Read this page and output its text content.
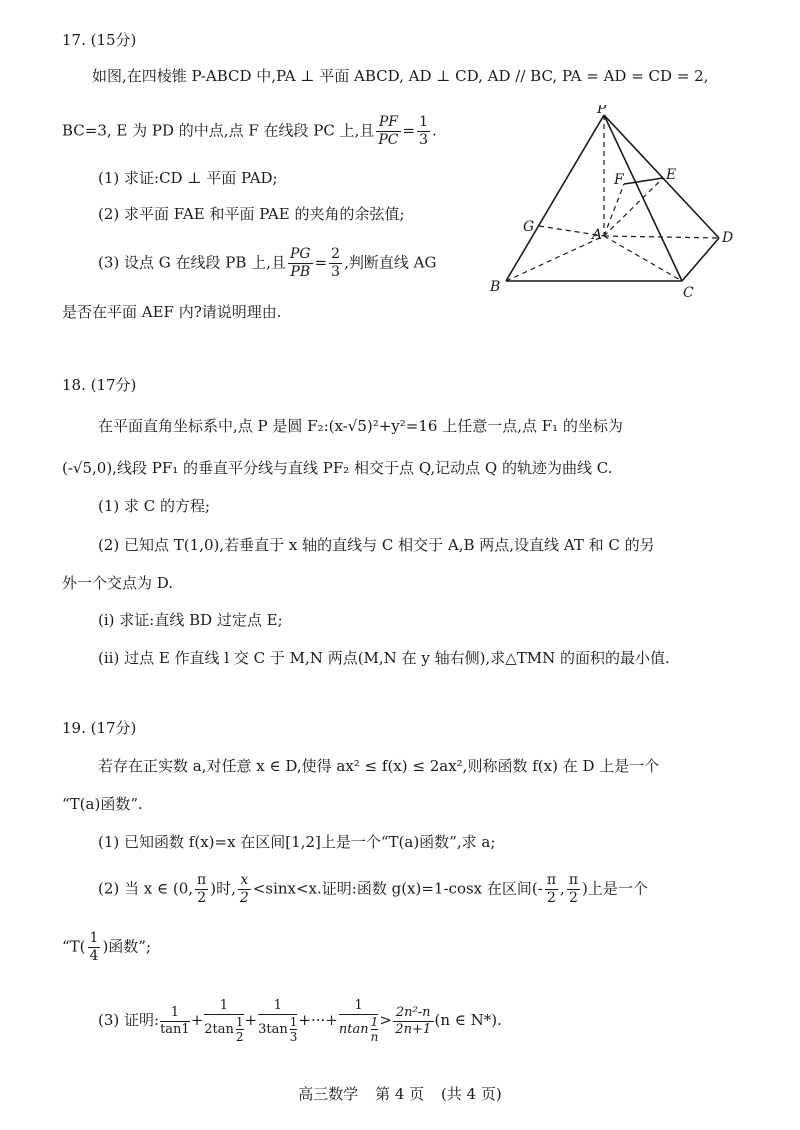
17. (15分)
如图,在四棱锥 P-ABCD 中,PA ⊥ 平面 ABCD, AD ⊥ CD, AD // BC, PA = AD = CD = 2,
BC=3, E 为 PD 的中点,点 F 在线段 PC 上,且 $\frac{PF}{PC} = \frac{1}{3}$ .
(1) 求证:CD ⊥ 平面 PAD;
(2) 求平面 FAE 和平面 PAE 的夹角的余弦值;
(3) 设点 G 在线段 PB 上,且 $\frac{PG}{PB} = \frac{2}{3}$ ,判断直线 AG
是否在平面 AEF 内?请说明理由.
P
E
F
G	A	D
B	C
18. (17分)
在平面直角坐标系中,点 P 是圆 F₂:(x-√5)²+y²=16 上任意一点,点 F₁ 的坐标为
(-√5,0),线段 PF₁ 的垂直平分线与直线 PF₂ 相交于点 Q,记动点 Q 的轨迹为曲线 C.
(1) 求 C 的方程;
(2) 已知点 T(1,0),若垂直于 x 轴的直线与 C 相交于 A,B 两点,设直线 AT 和 C 的另
外一个交点为 D.
(i) 求证:直线 BD 过定点 E;
(ii) 过点 E 作直线 l 交 C 于 M,N 两点(M,N 在 y 轴右侧),求△TMN 的面积的最小值.
19. (17分)
若存在正实数 a,对任意 x ∈ D,使得 ax² ≤ f(x) ≤ 2ax²,则称函数 f(x) 在 D 上是一个
“T(a)函数”.
(1) 已知函数 f(x)=x 在区间[1,2]上是一个“T(a)函数”,求 a;
(2) 当 x ∈ (0, $\frac{\pi}{2}$ )时, $\frac{x}{2} <\sin x<x$.证明:函数 g(x)=1-cosx 在区间(- $\frac{\pi}{2}$ , $\frac{\pi}{2}$ )上是一个
“$T( \frac{1}{4}$ )函数”;
(3) 证明: $\frac{1}{\tan 1} + \frac{1}{2\tan \frac{1}{2}} + \frac{1}{3\tan \frac{1}{3}}$ +···+ $\frac{1}{ntan \frac{1}{n}} > \frac{\text{2n²-n}}{2n+1} (n$ ∈ N*).
高三数学 第 4 页 (共 4 页)
